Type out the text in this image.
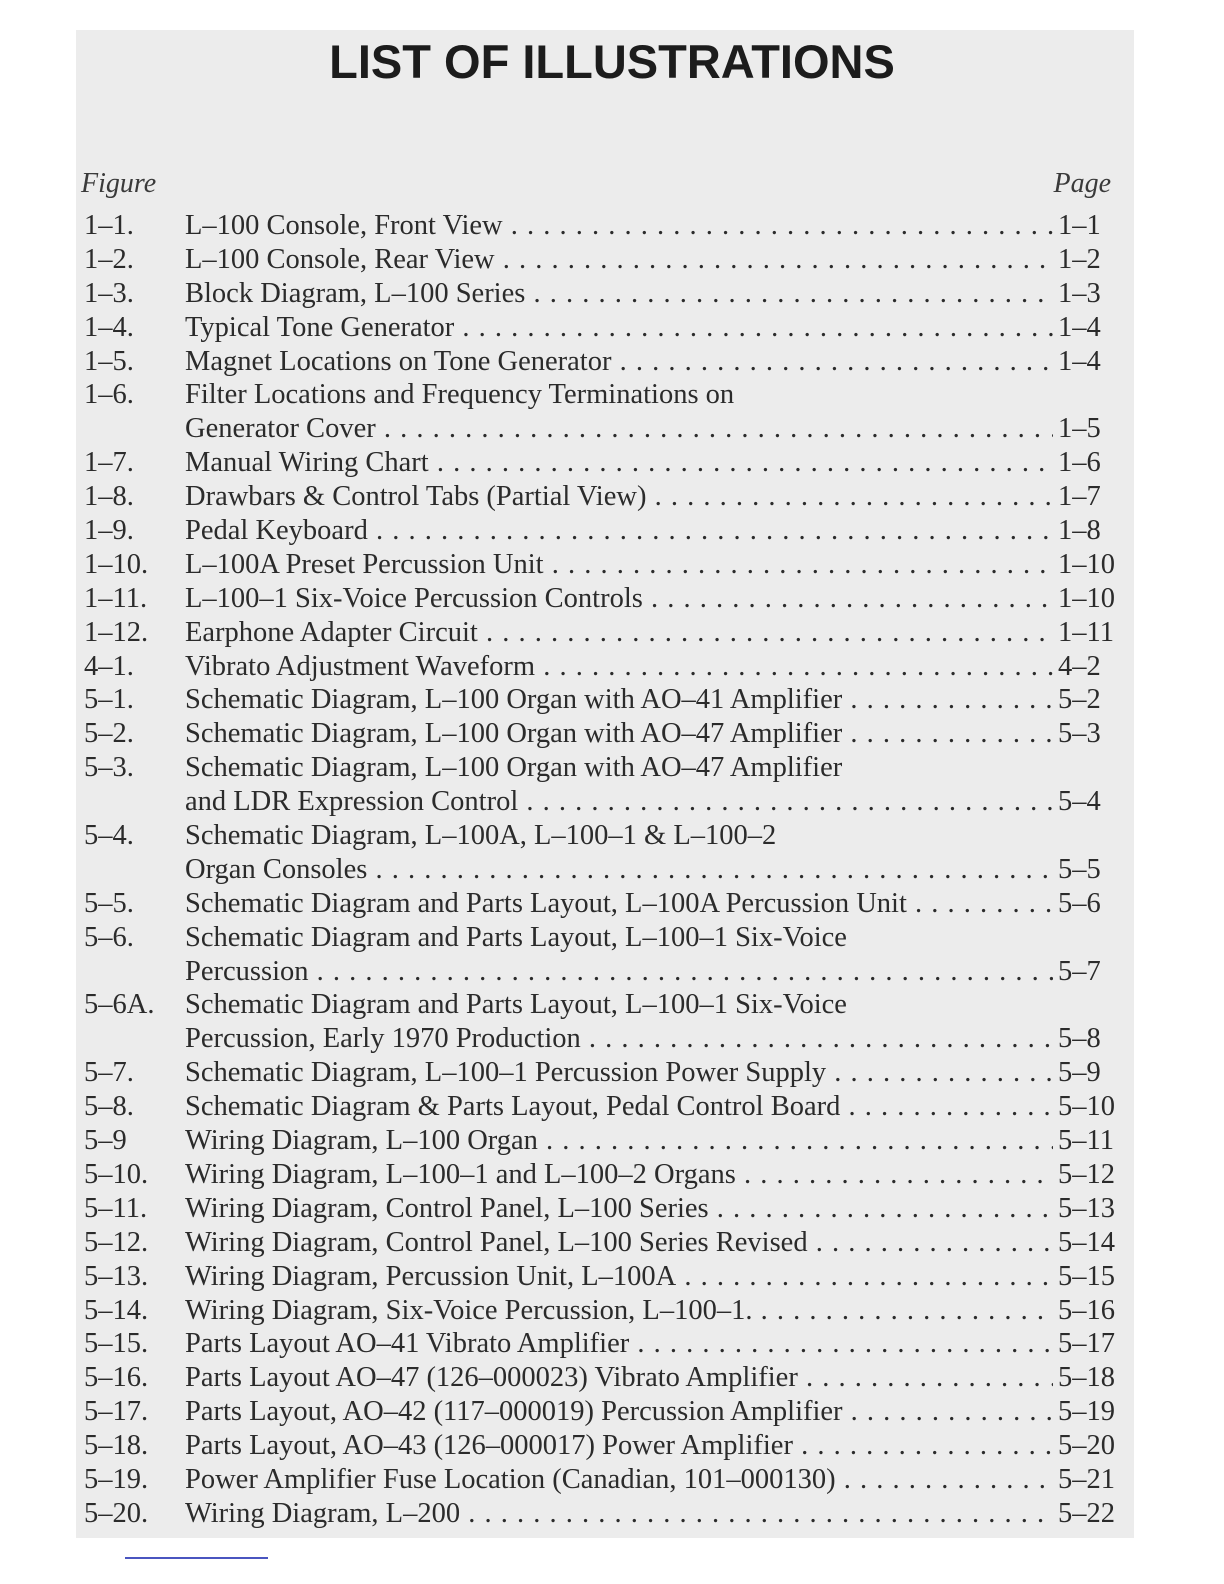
LIST OF ILLUSTRATIONS
Figure	Page
1–1. L–100 Console, Front View . . .	1–1
1–2. L–100 Console, Rear View . . .	1–2
1–3. Block Diagram, L–100 Series . . .	1–3
1–4. Typical Tone Generator . . .	1–4
1–5. Magnet Locations on Tone Generator . . .	1–4
1–6. Filter Locations and Frequency Terminations on
Generator Cover . . .	1–5
1–7. Manual Wiring Chart . . .	1–6
1–8. Drawbars & Control Tabs (Partial View) . . .	1–7
1–9. Pedal Keyboard . . .	1–8
1–10. L–100A Preset Percussion Unit . . .	1–10
1–11. L–100–1 Six-Voice Percussion Controls . . .	1–10
1–12. Earphone Adapter Circuit . . .	1–11
4–1. Vibrato Adjustment Waveform . . .	4–2
5–1. Schematic Diagram, L–100 Organ with AO–41 Amplifier . . .	5–2
5–2. Schematic Diagram, L–100 Organ with AO–47 Amplifier . . .	5–3
5–3. Schematic Diagram, L–100 Organ with AO–47 Amplifier
and LDR Expression Control . . .	5–4
5–4. Schematic Diagram, L–100A, L–100–1 & L–100–2
Organ Consoles . . .	5–5
5–5. Schematic Diagram and Parts Layout, L–100A Percussion Unit . . .	5–6
5–6. Schematic Diagram and Parts Layout, L–100–1 Six-Voice
Percussion . . .	5–7
5–6A. Schematic Diagram and Parts Layout, L–100–1 Six-Voice
Percussion, Early 1970 Production . . .	5–8
5–7. Schematic Diagram, L–100–1 Percussion Power Supply . . .	5–9
5–8. Schematic Diagram & Parts Layout, Pedal Control Board . . .	5–10
5–9 Wiring Diagram, L–100 Organ . . .	5–11
5–10. Wiring Diagram, L–100–1 and L–100–2 Organs . . .	5–12
5–11. Wiring Diagram, Control Panel, L–100 Series . . .	5–13
5–12. Wiring Diagram, Control Panel, L–100 Series Revised . . .	5–14
5–13. Wiring Diagram, Percussion Unit, L–100A . . .	5–15
5–14. Wiring Diagram, Six-Voice Percussion, L–100–1. . . .	5–16
5–15. Parts Layout AO–41 Vibrato Amplifier . . .	5–17
5–16. Parts Layout AO–47 (126–000023) Vibrato Amplifier . . .	5–18
5–17. Parts Layout, AO–42 (117–000019) Percussion Amplifier . . .	5–19
5–18. Parts Layout, AO–43 (126–000017) Power Amplifier . . .	5–20
5–19. Power Amplifier Fuse Location (Canadian, 101–000130) . . .	5–21
5–20. Wiring Diagram, L–200 . . .	5–22
